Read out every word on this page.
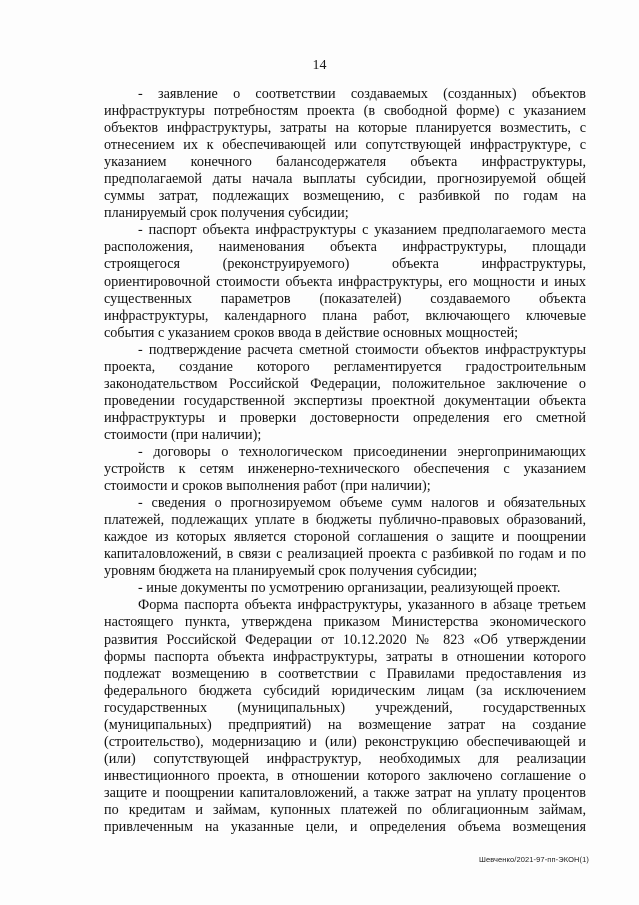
14
- заявление о соответствии создаваемых (созданных) объектов
инфраструктуры потребностям проекта (в свободной форме) с указанием
объектов инфраструктуры, затраты на которые планируется возместить, с
отнесением их к обеспечивающей или сопутствующей инфраструктуре, с
указанием конечного балансодержателя объекта инфраструктуры,
предполагаемой даты начала выплаты субсидии, прогнозируемой общей
суммы затрат, подлежащих возмещению, с разбивкой по годам на
планируемый срок получения субсидии;
- паспорт объекта инфраструктуры с указанием предполагаемого места
расположения, наименования объекта инфраструктуры, площади
строящегося (реконструируемого) объекта инфраструктуры,
ориентировочной стоимости объекта инфраструктуры, его мощности и иных
существенных параметров (показателей) создаваемого объекта
инфраструктуры, календарного плана работ, включающего ключевые
события с указанием сроков ввода в действие основных мощностей;
- подтверждение расчета сметной стоимости объектов инфраструктуры
проекта, создание которого регламентируется градостроительным
законодательством Российской Федерации, положительное заключение о
проведении государственной экспертизы проектной документации объекта
инфраструктуры и проверки достоверности определения его сметной
стоимости (при наличии);
- договоры о технологическом присоединении энергопринимающих
устройств к сетям инженерно-технического обеспечения с указанием
стоимости и сроков выполнения работ (при наличии);
- сведения о прогнозируемом объеме сумм налогов и обязательных
платежей, подлежащих уплате в бюджеты публично-правовых образований,
каждое из которых является стороной соглашения о защите и поощрении
капиталовложений, в связи с реализацией проекта с разбивкой по годам и по
уровням бюджета на планируемый срок получения субсидии;
- иные документы по усмотрению организации, реализующей проект.
Форма паспорта объекта инфраструктуры, указанного в абзаце третьем
настоящего пункта, утверждена приказом Министерства экономического
развития Российской Федерации от 10.12.2020 № 823 «Об утверждении
формы паспорта объекта инфраструктуры, затраты в отношении которого
подлежат возмещению в соответствии с Правилами предоставления из
федерального бюджета субсидий юридическим лицам (за исключением
государственных (муниципальных) учреждений, государственных
(муниципальных) предприятий) на возмещение затрат на создание
(строительство), модернизацию и (или) реконструкцию обеспечивающей и
(или) сопутствующей инфраструктур, необходимых для реализации
инвестиционного проекта, в отношении которого заключено соглашение о
защите и поощрении капиталовложений, а также затрат на уплату процентов
по кредитам и займам, купонных платежей по облигационным займам,
привлеченным на указанные цели, и определения объема возмещения
Шевченко/2021-97-пп-ЭКОН(1)
